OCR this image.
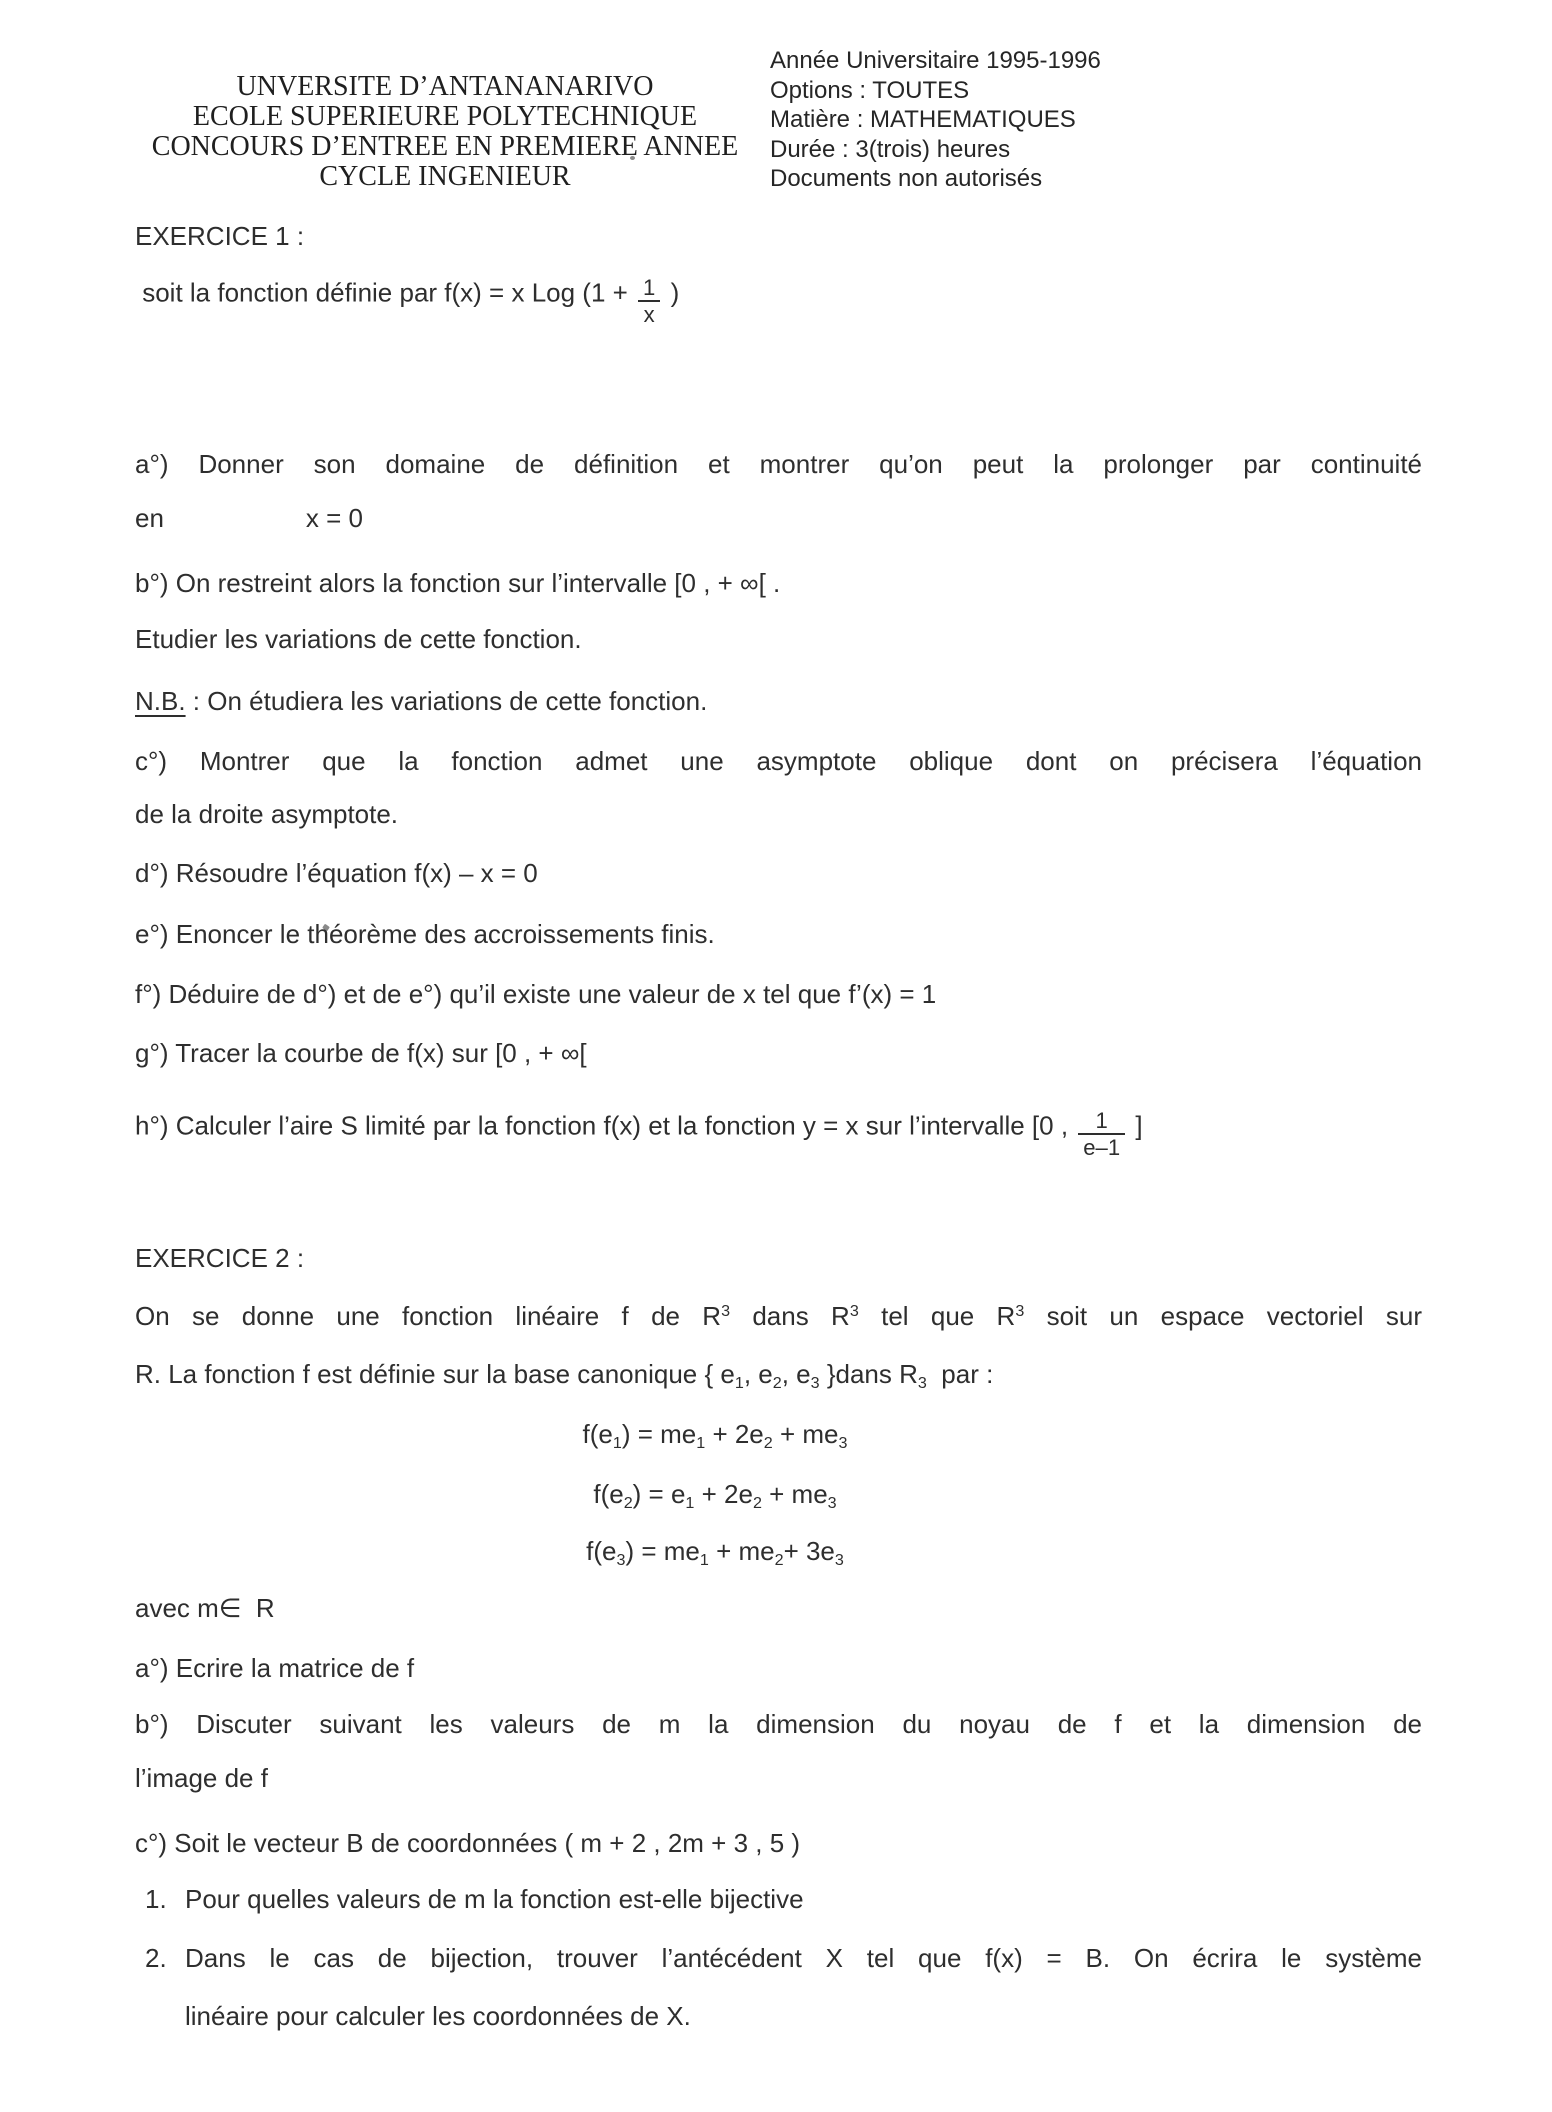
UNVERSITE D’ANTANANARIVO

ECOLE SUPERIEURE POLYTECHNIQUE

CONCOURS D’ENTREE EN PREMIERE ANNEE

CYCLE INGENIEUR

Année Universitaire 1995-1996

Options : TOUTES

Matière : MATHEMATIQUES

Durée : 3(trois) heures

Documents non autorisés

EXERCICE 1 :

soit la fonction définie par f(x) = x Log ($1 + \frac{1}{x}$ )

a°) Donner son domaine de définition et montrer qu’on peut la prolonger par continuité

en	x = 0

b°) On restreint alors la fonction sur l’intervalle [0 , + ∞[ .

Etudier les variations de cette fonction.

N.B. : On étudiera les variations de cette fonction.

c°) Montrer que la fonction admet une asymptote oblique dont on précisera l’équation

de la droite asymptote.

d°) Résoudre l’équation f(x) – x = 0

e°) Enoncer le théorème des accroissements finis.

f°) Déduire de d°) et de e°) qu’il existe une valeur de x tel que f’(x) = 1

g°) Tracer la courbe de f(x) sur [0 , + ∞[

h°) Calculer l’aire S limité par la fonction f(x) et la fonction y = x sur l’intervalle [0 , $\frac{1}{e-1}$ ]

EXERCICE 2 :

On se donne une fonction linéaire f de $R^3$ dans $R^3$ tel que $R^3$ soit un espace vectoriel sur

R. La fonction f est définie sur la base canonique { $e_1$, $e_2$, $e_3$ }dans $R_3$  par :

$f(e_1) = me_1 + 2e_2 + me_3$

$f(e_2) = e_1 + 2e_2 + me_3$

$f(e_3) = me_1 + me_2+ 3e_3$

avec m∈  R

a°) Ecrire la matrice de f

b°) Discuter suivant les valeurs de m la dimension du noyau de f et la dimension de

l’image de f

c°) Soit le vecteur B de coordonnées ( m + 2 , 2m + 3 , 5 )

1. Pour quelles valeurs de m la fonction est-elle bijective

2. Dans le cas de bijection, trouver l’antécédent X tel que f(x) = B. On écrira le système

linéaire pour calculer les coordonnées de X.
